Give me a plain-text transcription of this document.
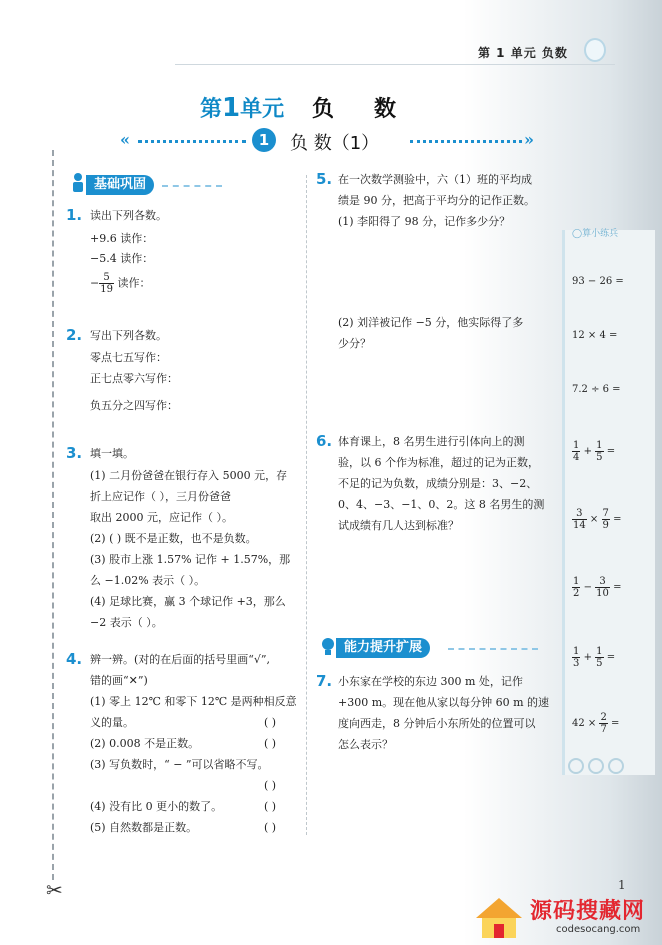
✂
第 1 单元 负数
第1单元 负数
«	1	负 数（1）	»
基础巩固
1. 读出下列各数。
+9.6 读作：
−5.4 读作：
− $\frac{5}{19}$ 读作：
2. 写出下列各数。
零点七五写作：
正七点零六写作：
负五分之四写作：
3. 填一填。
(1) 二月份爸爸在银行存入 5000 元，存
折上应记作（ ），三月份爸爸
取出 2000 元，应记作（ ）。
(2) ( ) 既不是正数，也不是负数。
(3) 股市上涨 1.57% 记作 + 1.57%，那
么 −1.02% 表示（ ）。
(4) 足球比赛，赢 3 个球记作 +3，那么
−2 表示（ ）。
4. 辨一辨。(对的在后面的括号里画“√”,
错的画“✕”)
(1) 零上 12℃ 和零下 12℃ 是两种相反意
义的量。	( )
(2) 0.008 不是正数。	( )
(3) 写负数时，“ − ”可以省略不写。
( )
(4) 没有比 0 更小的数了。	( )
(5) 自然数都是正数。	( )
5. 在一次数学测验中，六（1）班的平均成
绩是 90 分，把高于平均分的记作正数。
(1) 李阳得了 98 分，记作多少分？
(2) 刘洋被记作 −5 分，他实际得了多
少分？
6. 体育课上，8 名男生进行引体向上的测
验，以 6 个作为标准，超过的记为正数，
不足的记为负数，成绩分别是：3、−2、
0、4、−3、−1、0、2。这 8 名男生的测
试成绩有几人达到标准？
能力提升扩展
7. 小东家在学校的东边 300 m 处，记作
+300 m。现在他从家以每分钟 60 m 的速
度向西走，8 分钟后小东所处的位置可以
怎么表示？
◯算小练兵
93 − 26 =
12 × 4 =
7.2 ÷ 6 =
$\frac{1}{4} + \frac{1}{5}$ =
$\frac{3}{14} \times \frac{7}{9}$ =
$\frac{1}{2} - \frac{3}{10}$ =
$\frac{1}{3} + \frac{1}{5}$ =
$42 \times \frac{2}{7}$ =
1
源码搜藏网
codesocang.com
